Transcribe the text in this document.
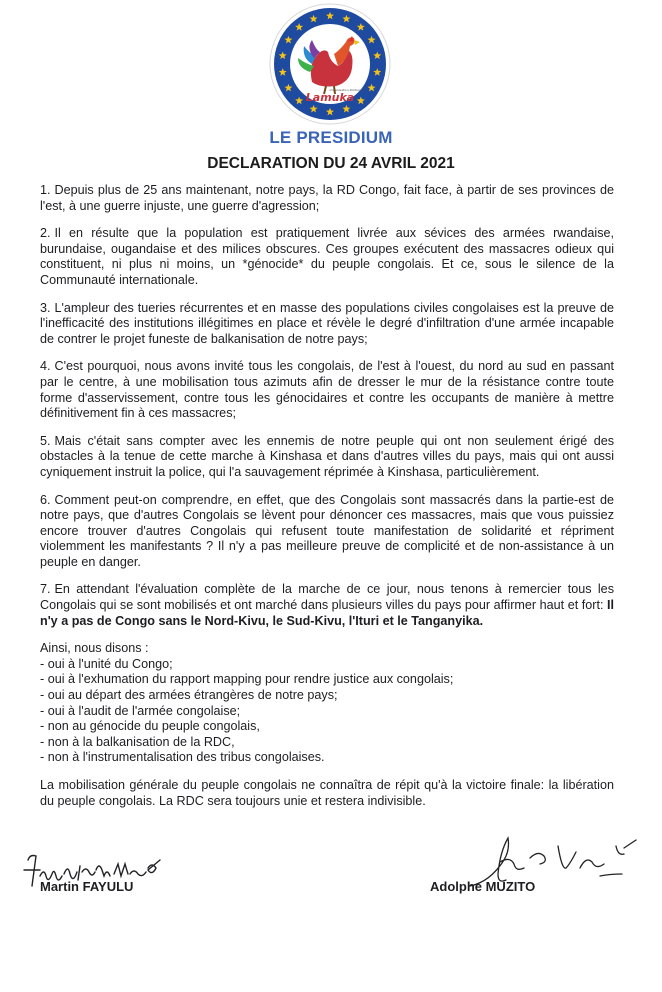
Lamuka
Organisation Politique
LE PRESIDIUM
DECLARATION DU 24 AVRIL 2021

1. Depuis plus de 25 ans maintenant, notre pays, la RD Congo, fait face, à partir de ses provinces de l'est, à une guerre injuste, une guerre d'agression;

2. Il en résulte que la population est pratiquement livrée aux sévices des armées rwandaise, burundaise, ougandaise et des milices obscures. Ces groupes exécutent des massacres odieux qui constituent, ni plus ni moins, un *génocide* du peuple congolais. Et ce, sous le silence de la Communauté internationale.

3. L'ampleur des tueries récurrentes et en masse des populations civiles congolaises est la preuve de l'inefficacité des institutions illégitimes en place et révèle le degré d'infiltration d'une armée incapable de contrer le projet funeste de balkanisation de notre pays;

4. C'est pourquoi, nous avons invité tous les congolais, de l'est à l'ouest, du nord au sud en passant par le centre, à une mobilisation tous azimuts afin de dresser le mur de la résistance contre toute forme d'asservissement, contre tous les génocidaires et contre les occupants de manière à mettre définitivement fin à ces massacres;

5. Mais c'était sans compter avec les ennemis de notre peuple qui ont non seulement érigé des obstacles à la tenue de cette marche à Kinshasa et dans d'autres villes du pays, mais qui ont aussi cyniquement instruit la police, qui l'a sauvagement réprimée à Kinshasa, particulièrement.

6. Comment peut-on comprendre, en effet, que des Congolais sont massacrés dans la partie-est de notre pays, que d'autres Congolais se lèvent pour dénoncer ces massacres, mais que vous puissiez encore trouver d'autres Congolais qui refusent toute manifestation de solidarité et répriment violemment les manifestants ? Il n'y a pas meilleure preuve de complicité et de non-assistance à un peuple en danger.

7. En attendant l'évaluation complète de la marche de ce jour, nous tenons à remercier tous les Congolais qui se sont mobilisés et ont marché dans plusieurs villes du pays pour affirmer haut et fort: Il n'y a pas de Congo sans le Nord-Kivu, le Sud-Kivu, l'Ituri et le Tanganyika.

Ainsi, nous disons :

- oui à l'unité du Congo;
- oui à l'exhumation du rapport mapping pour rendre justice aux congolais;
- oui au départ des armées étrangères de notre pays;
- oui à l'audit de l'armée congolaise;
- non au génocide du peuple congolais,
- non à la balkanisation de la RDC,
- non à l'instrumentalisation des tribus congolaises.

La mobilisation générale du peuple congolais ne connaîtra de répit qu'à la victoire finale: la libération du peuple congolais. La RDC sera toujours unie et restera indivisible.

Martin FAYULU	Adolphe MUZITO
